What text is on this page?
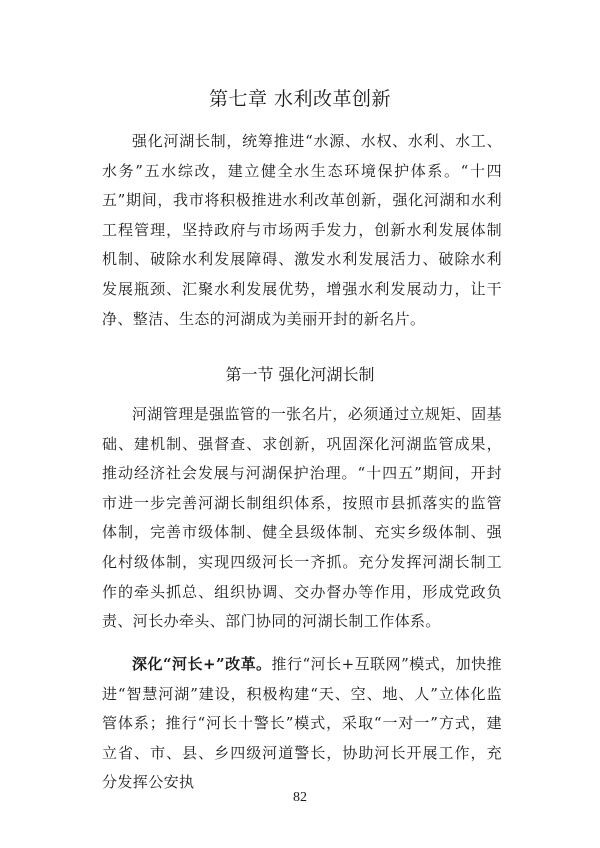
第七章 水利改革创新

强化河湖长制，统筹推进“水源、水权、水利、水工、水务”五水综改，建立健全水生态环境保护体系。“十四五”期间，我市将积极推进水利改革创新，强化河湖和水利工程管理，坚持政府与市场两手发力，创新水利发展体制机制、破除水利发展障碍、激发水利发展活力、破除水利发展瓶颈、汇聚水利发展优势，增强水利发展动力，让干净、整洁、生态的河湖成为美丽开封的新名片。

第一节 强化河湖长制

河湖管理是强监管的一张名片，必须通过立规矩、固基础、建机制、强督查、求创新，巩固深化河湖监管成果，推动经济社会发展与河湖保护治理。“十四五”期间，开封市进一步完善河湖长制组织体系，按照市县抓落实的监管体制，完善市级体制、健全县级体制、充实乡级体制、强化村级体制，实现四级河长一齐抓。充分发挥河湖长制工作的牵头抓总、组织协调、交办督办等作用，形成党政负责、河长办牵头、部门协同的河湖长制工作体系。

深化“河长+”改革。推行“河长+互联网”模式，加快推进“智慧河湖”建设，积极构建“天、空、地、人”立体化监管体系；推行“河长十警长”模式，采取“一对一”方式，建立省、市、县、乡四级河道警长，协助河长开展工作，充分发挥公安执

82
